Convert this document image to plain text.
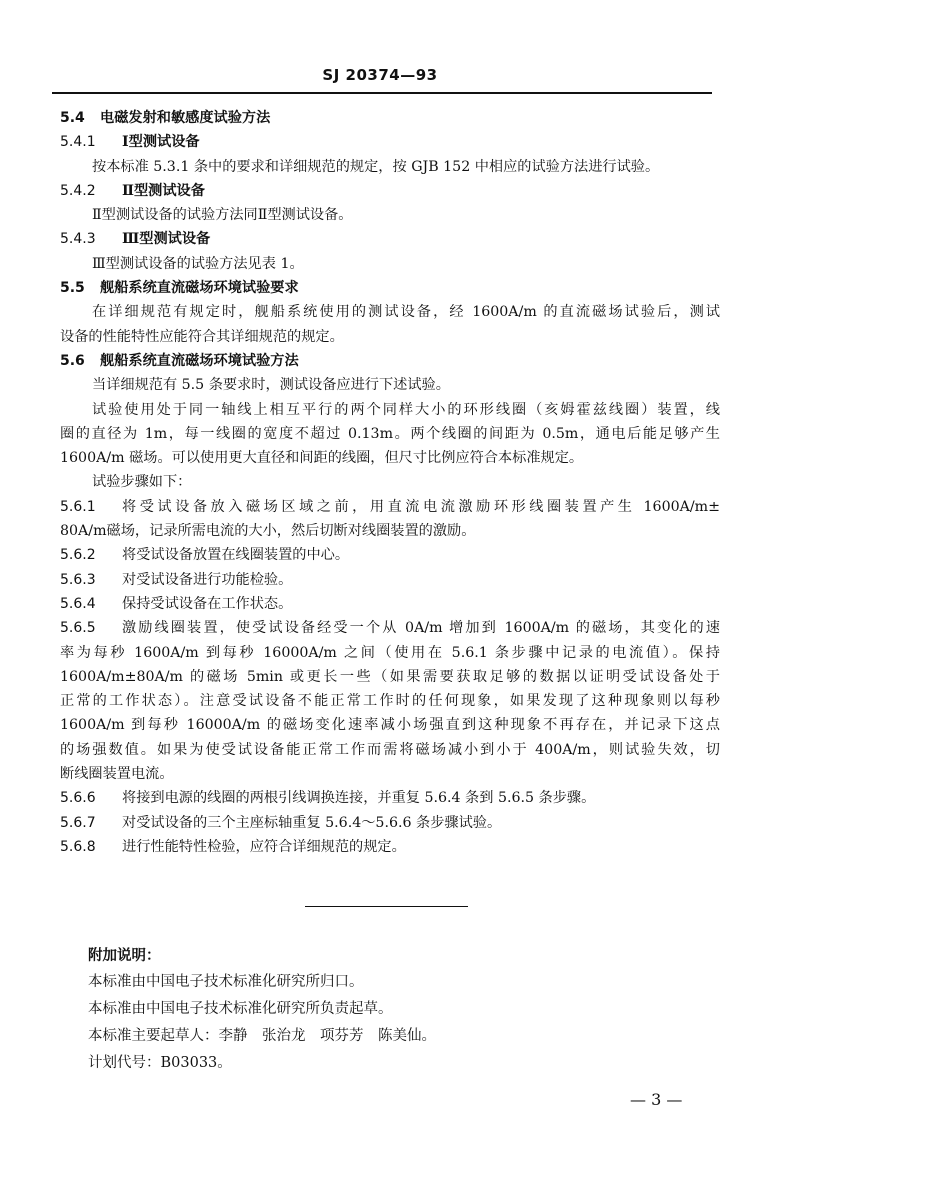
SJ 20374—93
5.4 电磁发射和敏感度试验方法
5.4.1 Ⅰ型测试设备
按本标准 5.3.1 条中的要求和详细规范的规定，按 GJB 152 中相应的试验方法进行试验。
5.4.2 Ⅱ型测试设备
Ⅱ型测试设备的试验方法同Ⅱ型测试设备。
5.4.3 Ⅲ型测试设备
Ⅲ型测试设备的试验方法见表 1。
5.5 舰船系统直流磁场环境试验要求
在详细规范有规定时，舰船系统使用的测试设备，经 1600A/m 的直流磁场试验后，测试
设备的性能特性应能符合其详细规范的规定。
5.6 舰船系统直流磁场环境试验方法
当详细规范有 5.5 条要求时，测试设备应进行下述试验。
试验使用处于同一轴线上相互平行的两个同样大小的环形线圈（亥姆霍兹线圈）装置，线
圈的直径为 1m，每一线圈的宽度不超过 0.13m。两个线圈的间距为 0.5m，通电后能足够产生
1600A/m 磁场。可以使用更大直径和间距的线圈，但尺寸比例应符合本标准规定。
试验步骤如下：
5.6.1	将受试设备放入磁场区域之前，用直流电流激励环形线圈装置产生 1600A/m±
80A/m磁场，记录所需电流的大小，然后切断对线圈装置的激励。
5.6.2 将受试设备放置在线圈装置的中心。
5.6.3 对受试设备进行功能检验。
5.6.4 保持受试设备在工作状态。
5.6.5	激励线圈装置，使受试设备经受一个从 0A/m 增加到 1600A/m 的磁场，其变化的速
率为每秒 1600A/m 到每秒 16000A/m 之间（使用在 5.6.1 条步骤中记录的电流值）。保持
1600A/m±80A/m 的磁场 5min 或更长一些（如果需要获取足够的数据以证明受试设备处于
正常的工作状态）。注意受试设备不能正常工作时的任何现象，如果发现了这种现象则以每秒
1600A/m 到每秒 16000A/m 的磁场变化速率减小场强直到这种现象不再存在，并记录下这点
的场强数值。如果为使受试设备能正常工作而需将磁场减小到小于 400A/m，则试验失效，切
断线圈装置电流。
5.6.6 将接到电源的线圈的两根引线调换连接，并重复 5.6.4 条到 5.6.5 条步骤。
5.6.7 对受试设备的三个主座标轴重复 5.6.4～5.6.6 条步骤试验。
5.6.8 进行性能特性检验，应符合详细规范的规定。
附加说明：
本标准由中国电子技术标准化研究所归口。
本标准由中国电子技术标准化研究所负责起草。
本标准主要起草人：李静　张治龙　项芬芳　陈美仙。
计划代号：B03033。
— 3 —
